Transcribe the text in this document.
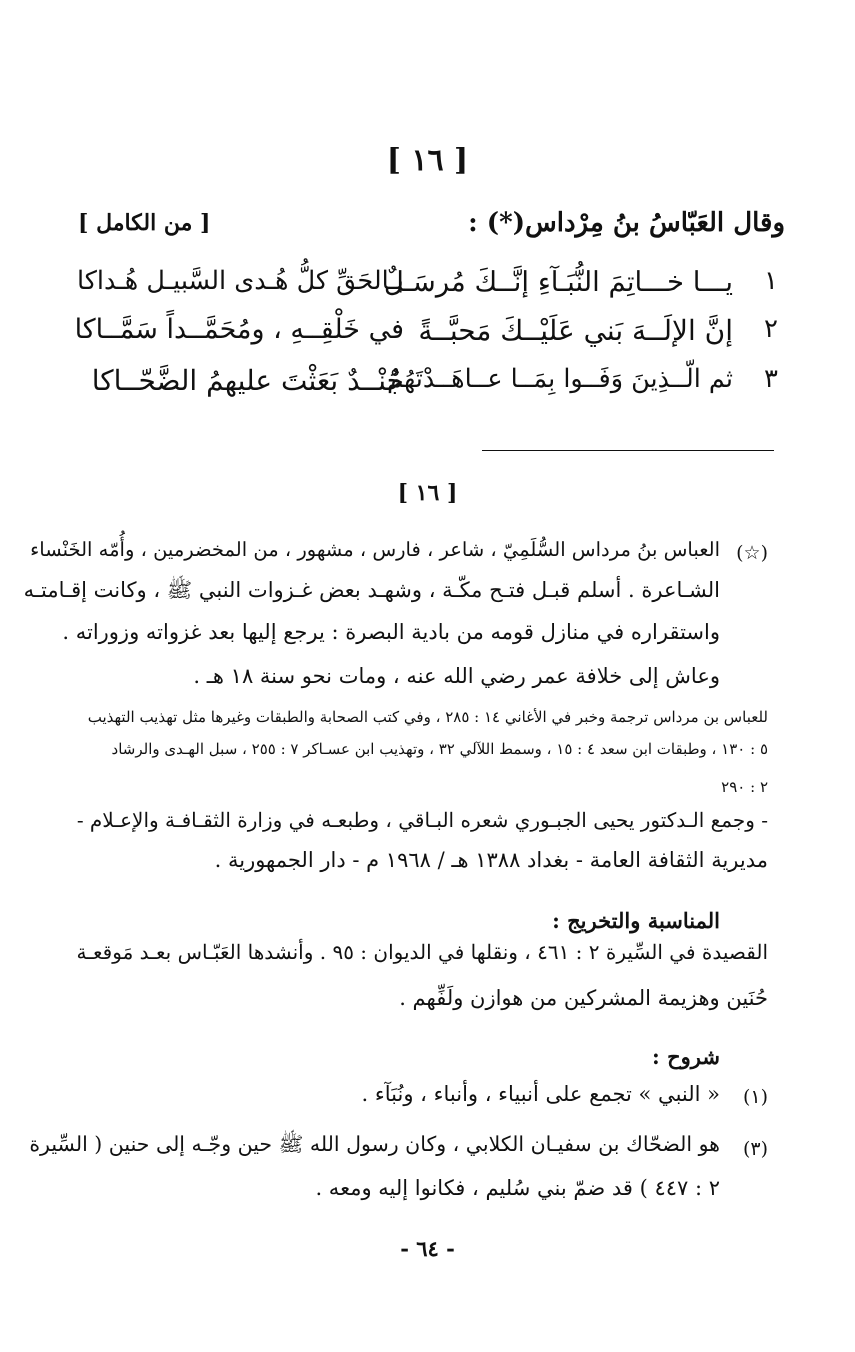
[ ١٦ ]
وقال العَبّاسُ بنُ مِرْداس(*) :
[ من الكامل ]
١
يـــا خـــاتِمَ النُّبَـآءِ إنَّــكَ مُرسَـلٌ
بـالحَقِّ كلُّ هُـدى السَّبيـل هُـداكا
٢
إنَّ الإلَــهَ بَني عَلَيْــكَ مَحبَّــةً
في خَلْقِــهِ ، ومُحَمَّــداً سَمَّــاكا
٣
ثم الّــذِينَ وَفَــوا بِمَــا عــاهَــدْتَهُمْ
جُنْــدٌ بَعَثْتَ عليهمُ الضَّحّــاكا
[ ١٦ ]
(☆)
العباس بنُ مرداس السُّلَمِيّ ، شاعر ، فارس ، مشهور ، من المخضرمين ، وأُمّه الخَنْساء
الشـاعرة . أسلم قبـل فتـح مكّـة ، وشهـد بعض غـزوات النبي ﷺ ، وكانت إقـامتـه
واستقراره في منازل قومه من بادية البصرة : يرجع إليها بعد غزواته وزوراته .
وعاش إلى خلافة عمر رضي الله عنه ، ومات نحو سنة ١٨ هـ .
للعباس بن مرداس ترجمة وخبر في الأغاني ١٤ : ٢٨٥ ، وفي كتب الصحابة والطبقات وغيرها مثل تهذيب التهذيب
٥ : ١٣٠ ، وطبقات ابن سعد ٤ : ١٥ ، وسمط اللآلي ٣٢ ، وتهذيب ابن عسـاكر ٧ : ٢٥٥ ، سبل الهـدى والرشاد
٢ : ٢٩٠
- وجمع الـدكتور يحيى الجبـوري شعره البـاقي ، وطبعـه في وزارة الثقـافـة والإعـلام -
مديرية الثقافة العامة - بغداد ١٣٨٨ هـ / ١٩٦٨ م - دار الجمهورية .
المناسبة والتخريج :
القصيدة في السِّيرة ٢ : ٤٦١ ، ونقلها في الديوان : ٩٥ . وأنشدها العَبّـاس بعـد مَوقعـة
حُنَين وهزيمة المشركين من هوازن ولَفِّهم .
شروح :
(١)
« النبي » تجمع على أنبياء ، وأنباء ، ونُبَآء .
(٣)
هو الضحّاك بن سفيـان الكلابي ، وكان رسول الله ﷺ حين وجّـه إلى حنين ( السِّيرة
٢ : ٤٤٧ ) قد ضمّ بني سُليم ، فكانوا إليه ومعه .
- ٦٤ -
